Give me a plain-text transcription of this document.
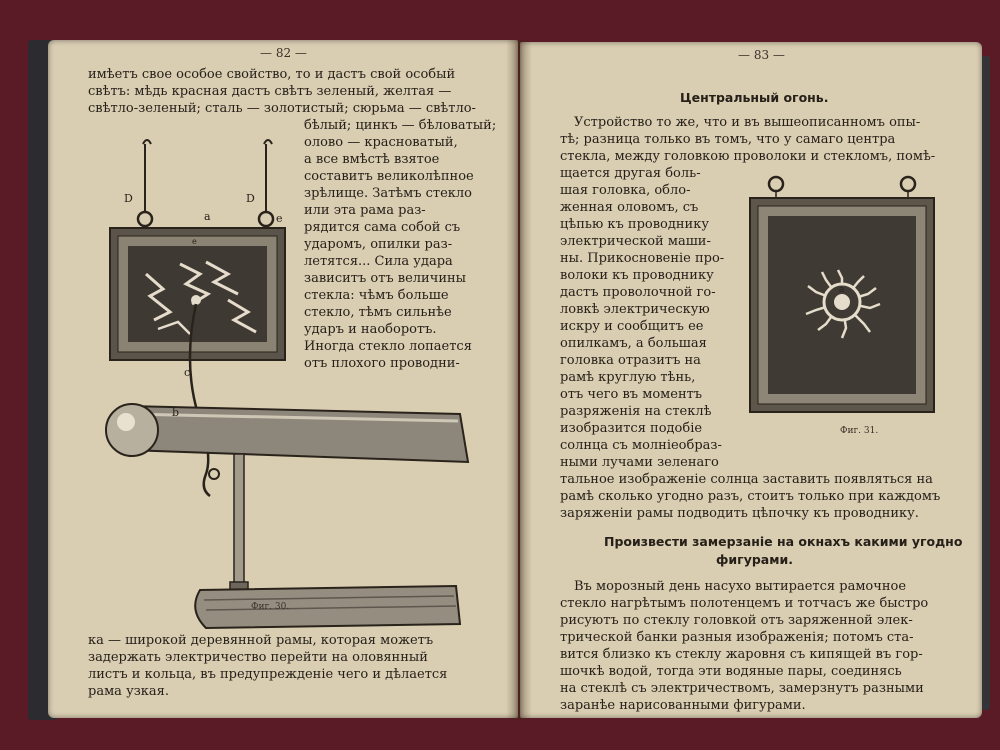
— 82 —
имѣетъ свое особое свойство, то и дастъ свой особый
свѣтъ: мѣдь красная дастъ свѣтъ зеленый, желтая —
свѣтло-зеленый; сталь — золотистый; сюрьма — свѣтло-
бѣлый; цинкъ — бѣловатый;
олово — красноватый,
а все вмѣстѣ взятое
составитъ великолѣпное
зрѣлище. Затѣмъ стекло
или эта рама раз-
рядится сама собой съ
ударомъ, опилки раз-
летятся... Сила удара
зависитъ отъ величины
стекла: чѣмъ больше
стекло, тѣмъ сильнѣе
ударъ и наоборотъ.
Иногда стекло лопается
отъ плохого проводни-
D	D
e
a
e
c
b
Фиг. 30.
ка — широкой деревянной рамы, которая можетъ
задержать электричество перейти на оловянный
листъ и кольца, въ предупрежденіе чего и дѣлается
рама узкая.
— 83 —
Центральный огонь.
Устройство то же, что и въ вышеописанномъ опы-
тѣ; разница только въ томъ, что у самаго центра
стекла, между головкою проволоки и стекломъ, помѣ-
щается другая боль-
шая головка, обло-
женная оловомъ, съ
цѣпью къ проводнику
электрической маши-
ны. Прикосновеніе про-
волоки къ проводнику
дастъ проволочной го-
ловкѣ электрическую
искру и сообщитъ ее
опилкамъ, а большая
головка отразитъ на
рамѣ круглую тѣнь,
отъ чего въ моментъ
разряженія на стеклѣ
изобразится подобіе
солнца съ молніеобраз-
ными лучами зеленаго
a
Фиг. 31.
тальное изображеніе солнца заставить появляться на
рамѣ сколько угодно разъ, стоитъ только при каждомъ
заряженіи рамы подводить цѣпочку къ проводнику.
Произвести замерзаніе на окнахъ какими угодно
фигурами.
Въ морозный день насухо вытирается рамочное
стекло нагрѣтымъ полотенцемъ и тотчасъ же быстро
рисуютъ по стеклу головкой отъ заряженной элек-
трической банки разныя изображенія; потомъ ста-
вится близко къ стеклу жаровня съ кипящей въ гор-
шочкѣ водой, тогда эти водяные пары, соединясь
на стеклѣ съ электричествомъ, замерзнутъ разными
заранѣе нарисованными фигурами.
